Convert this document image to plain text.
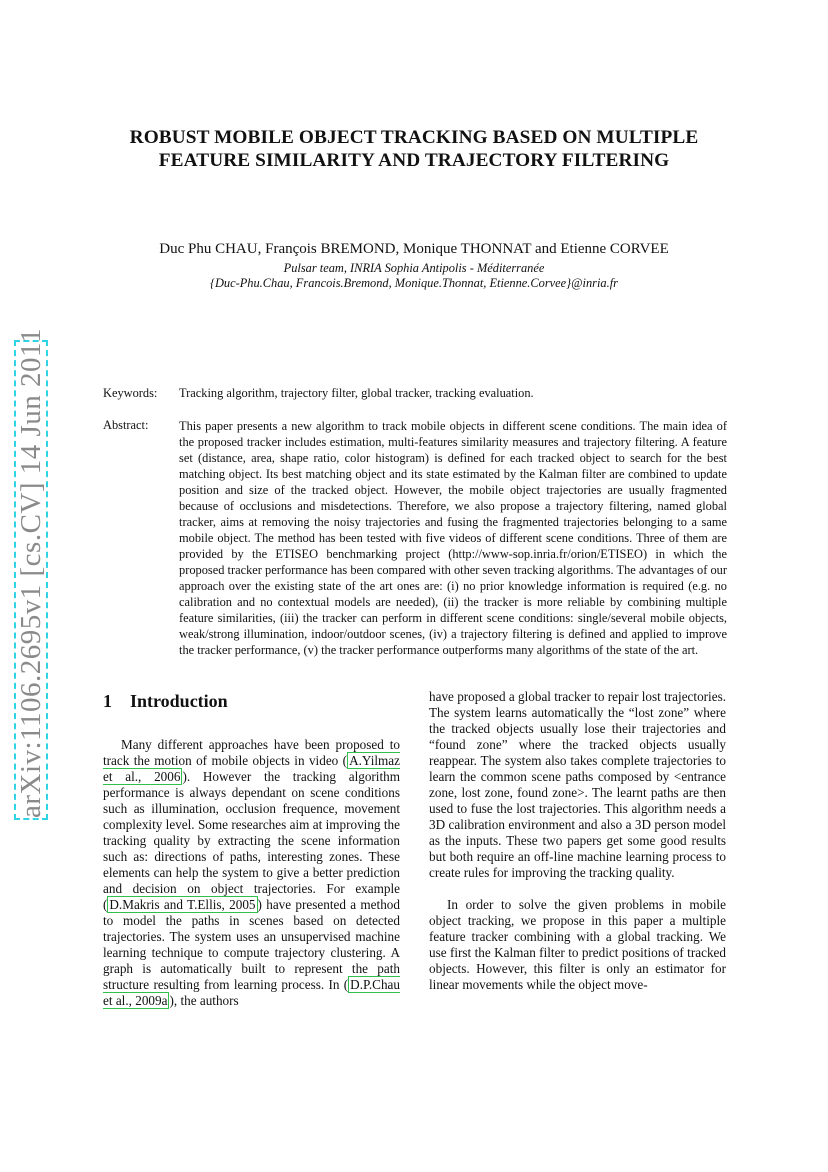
arXiv:1106.2695v1 [cs.CV] 14 Jun 2011
ROBUST MOBILE OBJECT TRACKING BASED ON MULTIPLE
FEATURE SIMILARITY AND TRAJECTORY FILTERING
Duc Phu CHAU, François BREMOND, Monique THONNAT and Etienne CORVEE
Pulsar team, INRIA Sophia Antipolis - Méditerranée
{Duc-Phu.Chau, Francois.Bremond, Monique.Thonnat, Etienne.Corvee}@inria.fr
Keywords: Tracking algorithm, trajectory filter, global tracker, tracking evaluation.
Abstract: This paper presents a new algorithm to track mobile objects in different scene conditions. The main idea of the proposed tracker includes estimation, multi-features similarity measures and trajectory filtering. A feature set (distance, area, shape ratio, color histogram) is defined for each tracked object to search for the best matching object. Its best matching object and its state estimated by the Kalman filter are combined to update position and size of the tracked object. However, the mobile object trajectories are usually fragmented because of occlusions and misdetections. Therefore, we also propose a trajectory filtering, named global tracker, aims at removing the noisy trajectories and fusing the fragmented trajectories belonging to a same mobile object. The method has been tested with five videos of different scene conditions. Three of them are provided by the ETISEO benchmarking project (http://www-sop.inria.fr/orion/ETISEO) in which the proposed tracker performance has been compared with other seven tracking algorithms. The advantages of our approach over the existing state of the art ones are: (i) no prior knowledge information is required (e.g. no calibration and no contextual models are needed), (ii) the tracker is more reliable by combining multiple feature similarities, (iii) the tracker can perform in different scene conditions: single/several mobile objects, weak/strong illumination, indoor/outdoor scenes, (iv) a trajectory filtering is defined and applied to improve the tracker performance, (v) the tracker performance outperforms many algorithms of the state of the art.
1 Introduction

Many different approaches have been proposed to track the motion of mobile objects in video ( A.Yilmaz et al., 2006 ). However the tracking algorithm performance is always dependant on scene conditions such as illumination, occlusion frequence, movement complexity level. Some researches aim at improving the tracking quality by extracting the scene information such as: directions of paths, interesting zones. These elements can help the system to give a better prediction and decision on object trajectories. For example ( D.Makris and T.Ellis, 2005 ) have presented a method to model the paths in scenes based on detected trajectories. The system uses an unsupervised machine learning technique to compute trajectory clustering. A graph is automatically built to represent the path structure resulting from learning process. In ( D.P.Chau et al., 2009a ), the authors

have proposed a global tracker to repair lost trajectories. The system learns automatically the “lost zone” where the tracked objects usually lose their trajectories and “found zone” where the tracked objects usually reappear. The system also takes complete trajectories to learn the common scene paths composed by <entrance zone, lost zone, found zone>. The learnt paths are then used to fuse the lost trajectories. This algorithm needs a 3D calibration environment and also a 3D person model as the inputs. These two papers get some good results but both require an off-line machine learning process to create rules for improving the tracking quality.

In order to solve the given problems in mobile object tracking, we propose in this paper a multiple feature tracker combining with a global tracking. We use first the Kalman filter to predict positions of tracked objects. However, this filter is only an estimator for linear movements while the object move-
